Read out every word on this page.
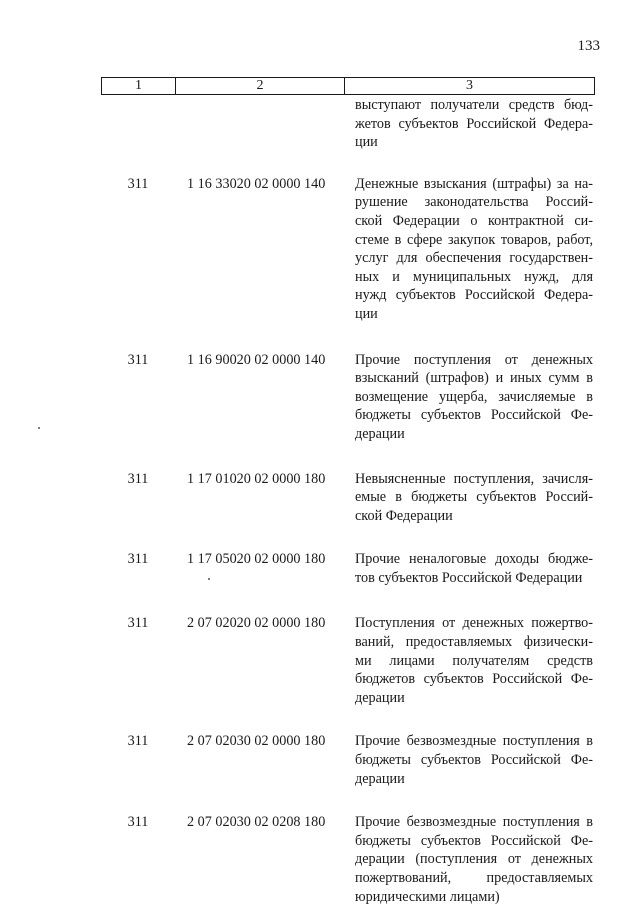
133
1	2	3
выступают получатели средств бюд-
жетов субъектов Российской Федера-
ции
311	1 16 33020 02 0000 140	Денежные взыскания (штрафы) за на-
рушение законодательства Россий-
ской Федерации о контрактной си-
стеме в сфере закупок товаров, работ,
услуг для обеспечения государствен-
ных и муниципальных нужд, для
нужд субъектов Российской Федера-
ции
311	1 16 90020 02 0000 140	Прочие поступления от денежных
взысканий (штрафов) и иных сумм в
возмещение ущерба, зачисляемые в
бюджеты субъектов Российской Фе-
дерации
311	1 17 01020 02 0000 180	Невыясненные поступления, зачисля-
емые в бюджеты субъектов Россий-
ской Федерации
311	1 17 05020 02 0000 180	Прочие неналоговые доходы бюдже-
тов субъектов Российской Федерации
311	2 07 02020 02 0000 180	Поступления от денежных пожертво-
ваний, предоставляемых физически-
ми лицами получателям средств
бюджетов субъектов Российской Фе-
дерации
311	2 07 02030 02 0000 180	Прочие безвозмездные поступления в
бюджеты субъектов Российской Фе-
дерации
311	2 07 02030 02 0208 180	Прочие безвозмездные поступления в
бюджеты субъектов Российской Фе-
дерации (поступления от денежных
пожертвований, предоставляемых
юридическими лицами)
